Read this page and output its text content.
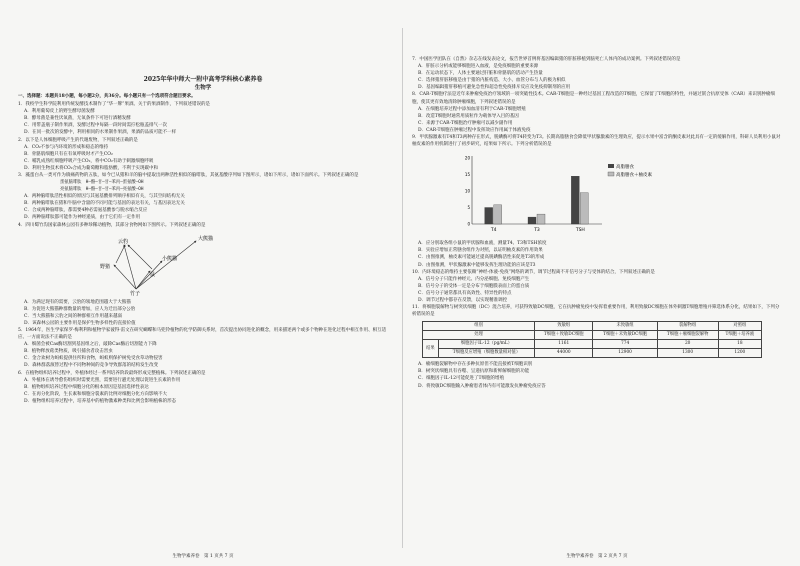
2025年华中师大一附中高考学科核心素养卷
生物学
一、选择题：本题共18小题，每小题2分，共36分。每小题只有一个选项符合题目要求。
1．我校学生科学院利用传统发酵技术制作了“华一牌”果酒。关于的果酒制作，下列叙述错误的是
A．利用葡萄皮上的野生酵母菌发酵
B．酵母菌是兼性厌氧菌，无氧条件下可进行酒精发酵
C．用带盖瓶子制作果酒，发酵过程中每隔一段时间需拧松瓶盖排气一次
D．在同一批次的发酵中，利用相同的水果制作果酒，果酒的品质可能不一样
2．以下是人体细胞呼吸产生的代谢废物，下列叙述正确的是
A．CO₂不参与内环境的形成和稳态的维持
B．骨骼肌细胞只有在有氧呼吸时才产生CO₂
C．哺乳成熟红细胞呼吸产生CO₂，将中CO₂有助于刺激细胞呼吸
D．利用生物技术将CO₂合成为葡萄糖和脂肪酸，不利于实现碳中和
3．藻蛋白从一类可作为镇痛药物的五肽，如今已从猪和羊的脑中提取出两种活性相似的脑啡肽，其氨基酸序列如下图所示，诸如下所示，诸如下面所示。下列叙述正确的是
蛋氨脑啡肽　H—酪—甘—甘—苯丙—蛋氨酸—OH
亮氨脑啡肽　H—酪—甘—甘—苯丙—亮氨酸—OH
A．两种脑啡肽活性相似的原因与其氨基酸排列顺序相似有关，与其空间结构无关
B．两种脑啡肽在猪和牛脑中含量的不同可能与基因的表达有关，与基因表达无关
C．合成两种脑啡肽，都需要4种必需氨基酸参与脱水缩合反应
D．两种脑啡肽都可能作为神经递质，由于它们有一定作用
4．四川蜀竹沟国家森林公园有多种珍稀动植物，其部分食物网如下图所示。下列叙述正确的是
大熊猫
云豹
竹子
野猪
鼠
小熊猫
A．为满足现有的需要，云豹的领地范围越大于大熊猫
B．为促进大熊猫种群数量的增加，应人为迁出部分公豹
C．当大熊猫和云豹之间的种群相互作用越来越弱
D．该森林公园的主要作用是保护生物多样性的直接价值
5．1964年，医生学家保罗·梅利利和植物学家彼得·雷文在研究蝴蝶和马兜铃植物的化学防御关系时，首次提出协同进化的概念，用来描述两个或多个物种在进化过程中相互作用、相互适应、一方面说法不正确的是
A．细菌会被Cas酶切割到基因组之后，敲除Cas酶后切割能力下降
B．植物释放萜类物质，吸引捕食者攻击害虫
C．金合欢树为蚂蚁提供住所和食物，蚂蚁则保护树免受食草动物侵害
D．森林群落演替过程中不同物种间的竞争导致群落的结构发生改变
6．在植物组织培养过程中，外植体经过一系列培养阶段最终形成完整植株。下列叙述正确的是
A．外植体在诱导愈伤组织时需要光照，需要进行避光处理以促进生长素的作用
B．植物组织培养过程中细胞分化的根本原因是基因选择性表达
C．在再分化阶段，生长素和细胞分裂素的比例对细胞分化方向影响不大
D．植物组织培养过程中，培养基中的植物激素种类和比例会影响植株的形态
生物学素养卷　第 1 页共 7 页
7．中国医学团队在《自然》杂志在线发表论文，报告世界首例将基因编辑猪的肝脏移植到脑死亡人体内的成功案例。下列叙述错误的是
A．肝脏示分析或能够细胞进入血液，是免疫细胞的重要来源
B．在运动状态下，人体主要通过肝脏和骨骼肌的活动产生热量
C．选择猪肝脏移植是由于猪的内脏构造、大小、血管分布与人的极为相似
D．基因编辑猪肝移植可避免急性和超急性免疫排斥反应及免疫抑制剂的应用
8．CAR-T细胞疗法是近年来肿瘤免疫治疗领域的一项突破性技术。CAR-T细胞是一种经过基因工程改造的T细胞，它保留了T细胞的特性，并通过嵌合抗原受体（CAR）来识别肿瘤细胞，使其更有效地清除肿瘤细胞，下列叙述错误的是
A．在细胞培养过程中添加血清有利于CAR-T细胞增殖
B．改造T细胞时通常用质粒作为载体导入目的基因
C．来源于CAR-T细胞治疗肿瘤可以减少副作用
D．CAR-T细胞在肿瘤过程中发挥效应作用属于体液免疫
9．甲状腺激素有T4和T3两种存在形式，脱碘酶可将T4转变为T3。长期高脂膳食会降低甲状腺激素的生理效应，提示水果中富含的酮皮素对此具有一定的缓解作用，科研人员利用小鼠对柚皮素的作用机制进行了初步研究，结果如下所示。下列分析错误的是
0
5
10
15
20
T4	T3	TSH
高脂膳食
高脂膳食＋柚皮素
A．应分别取各组小鼠的甲状腺和血液，测量T4、T3和TSH浓度
B．实验应增加正常膳食组作为对照，以证明柚皮素的作用效果
C．由图推测，柚皮素可能通过提高脱碘酶活性来促进T3的形成
D．由图推测，甲状腺激素中能够发挥生理功能的应该是T3
10．内环境稳态的维持主要依赖“神经-体液-免疫”网络的调节，调节过程离不开信号分子与受体的结合，下列叙述正确的是
A．信号分子只能作神经元、内分泌细胞、免疫细胞产生
B．信号分子的受体一定是分布于细胞膜表面上的蛋白质
C．信号分子通常都具有高效性、特异性的特点
D．调节过程中都存在反馈，以实现精准调控
11．将细胞裂解物与树突状细胞（DC）混合培养，可获得致敏DC细胞，它在抗肿瘤免疫中发挥着重要作用，利用致敏DC细胞在体外刺激T细胞增殖并筛选体系分化，结果如下，下列分析错误的是
组别		致敏组	未致敏组	裂解物组	对照组
处理		T细胞＋致敏DC细胞	T细胞＋未致敏DC细胞	T细胞＋瘤细胞裂解物	T细胞＋培养液
结果	细胞因子IL-12（pg/mL）	1161	774	20	18
	T细胞反应增殖（细胞数量相对值）	44000	12900	1300	1200
A．瘤细胞裂解物中存在多种抗原但不能直接被T细胞识别
B．树突状细胞具有吞噬、呈递抗原和新鲜解细胞的功能
C．细胞因子IL-12可能促进了T细胞的增殖
D．将致敏DC细胞输入肿瘤患者体内有可能激发抗肿瘤免疫应答
生物学素养卷　第 2 页共 7 页
